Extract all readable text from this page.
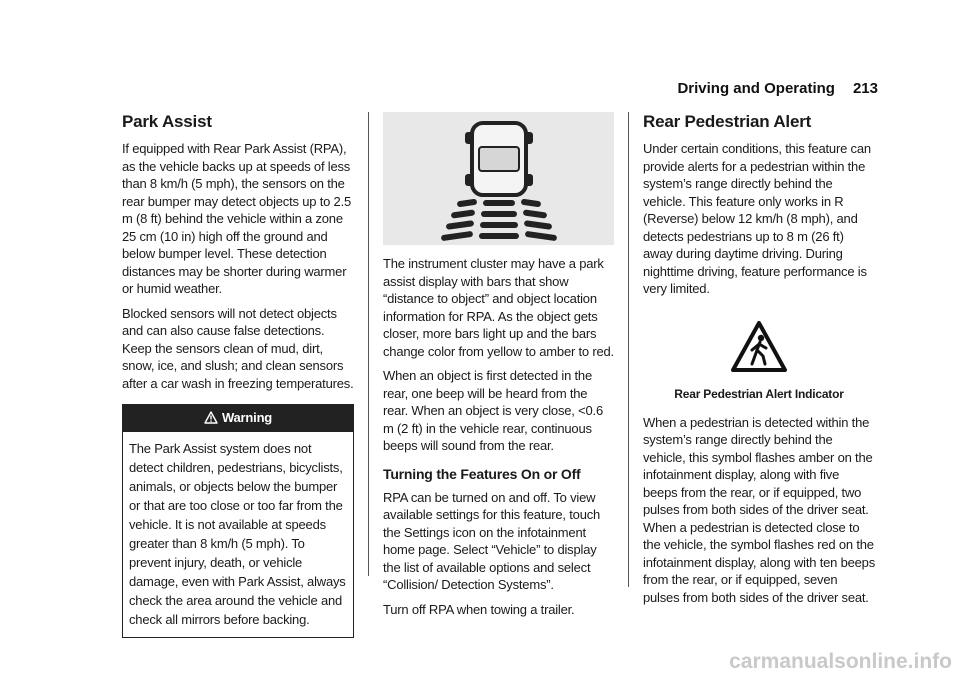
Driving and Operating 213
Park Assist

If equipped with Rear Park Assist (RPA), as the vehicle backs up at speeds of less than 8 km/h (5 mph), the sensors on the rear bumper may detect objects up to 2.5 m (8 ft) behind the vehicle within a zone 25 cm (10 in) high off the ground and below bumper level. These detection distances may be shorter during warmer or humid weather.

Blocked sensors will not detect objects and can also cause false detections. Keep the sensors clean of mud, dirt, snow, ice, and slush; and clean sensors after a car wash in freezing temperatures.

Warning
The Park Assist system does not detect children, pedestrians, bicyclists, animals, or objects below the bumper or that are too close or too far from the vehicle. It is not available at speeds greater than 8 km/h (5 mph). To prevent injury, death, or vehicle damage, even with Park Assist, always check the area around the vehicle and check all mirrors before backing.

The instrument cluster may have a park assist display with bars that show “distance to object” and object location information for RPA. As the object gets closer, more bars light up and the bars change color from yellow to amber to red.

When an object is first detected in the rear, one beep will be heard from the rear. When an object is very close, <0.6 m (2 ft) in the vehicle rear, continuous beeps will sound from the rear.

Turning the Features On or Off

RPA can be turned on and off. To view available settings for this feature, touch the Settings icon on the infotainment home page. Select “Vehicle” to display the list of available options and select “Collision/ Detection Systems”.

Turn off RPA when towing a trailer.

Rear Pedestrian Alert

Under certain conditions, this feature can provide alerts for a pedestrian within the system’s range directly behind the vehicle. This feature only works in R (Reverse) below 12 km/h (8 mph), and detects pedestrians up to 8 m (26 ft) away during daytime driving. During nighttime driving, feature performance is very limited.

Rear Pedestrian Alert Indicator

When a pedestrian is detected within the system’s range directly behind the vehicle, this symbol flashes amber on the infotainment display, along with five beeps from the rear, or if equipped, two pulses from both sides of the driver seat. When a pedestrian is detected close to the vehicle, the symbol flashes red on the infotainment display, along with ten beeps from the rear, or if equipped, seven pulses from both sides of the driver seat.

carmanualsonline.info
